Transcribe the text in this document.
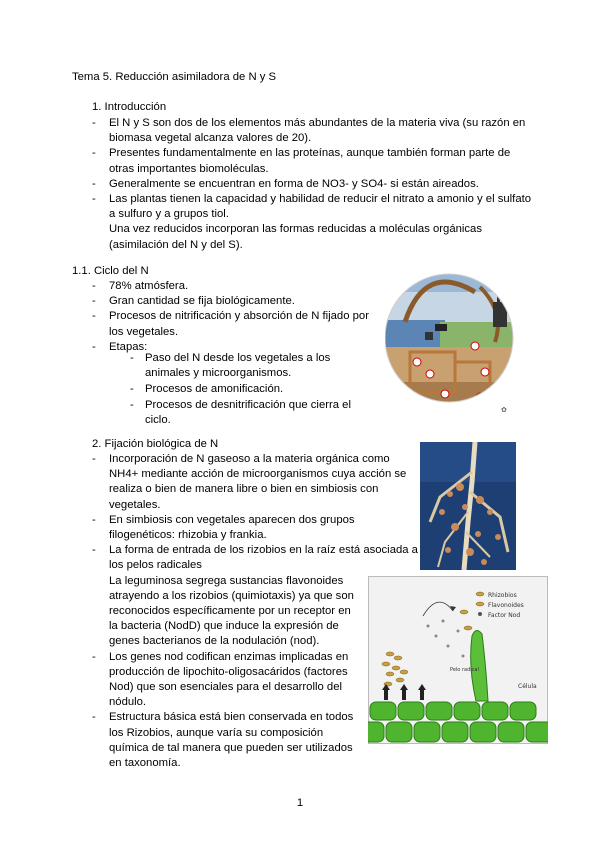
Tema 5. Reducción asimiladora de N y S
1. Introducción
-	El N y S son dos de los elementos más abundantes de la materia viva (su razón en
biomasa vegetal alcanza valores de 20).
-	Presentes fundamentalmente en las proteínas, aunque también forman parte de
otras importantes biomoléculas.
-	Generalmente se encuentran en forma de NO3- y SO4- si están aireados.
-	Las plantas tienen la capacidad y habilidad de reducir el nitrato a amonio y el sulfato
a sulfuro y a grupos tiol.
Una vez reducidos incorporan las formas reducidas a moléculas orgánicas
(asimilación del N y del S).
1.1. Ciclo del N
-	78% atmósfera.
-	Gran cantidad se fija biológicamente.
-	Procesos de nitrificación y absorción de N fijado por
los vegetales.
-	Etapas:
- Paso del N desde los vegetales a los
animales y microorganismos.
- Procesos de amonificación.
- Procesos de desnitrificación que cierra el
ciclo.
2. Fijación biológica de N
-	Incorporación de N gaseoso a la materia orgánica como
NH4+ mediante acción de microorganismos cuya acción se
realiza o bien de manera libre o bien en simbiosis con
vegetales.
-	En simbiosis con vegetales aparecen dos grupos
filogenéticos: rhizobia y frankia.
-	La forma de entrada de los rizobios en la raíz está asociada a
los pelos radicales
La leguminosa segrega sustancias flavonoides
atrayendo a los rizobios (quimiotaxis) ya que son
reconocidos específicamente por un receptor en
la bacteria (NodD) que induce la expresión de
genes bacterianos de la nodulación (nod).
-	Los genes nod codifican enzimas implicadas en
producción de lipochito-oligosacáridos (factores
Nod) que son esenciales para el desarrollo del
nódulo.
-	Estructura básica está bien conservada en todos
los Rizobios, aunque varía su composición
química de tal manera que pueden ser utilizados
en taxonomía.
✿
Rhizobios
Flavonoides
Factor Nod
Pelo radical
Célula
1
